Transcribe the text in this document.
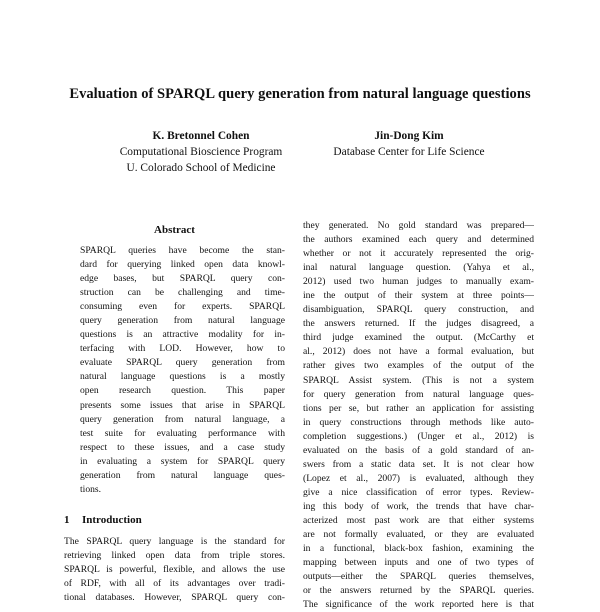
Evaluation of SPARQL query generation from natural language questions
K. Bretonnel Cohen
Computational Bioscience Program
U. Colorado School of Medicine
Jin-Dong Kim
Database Center for Life Science
Abstract
SPARQL queries have become the stan-
dard for querying linked open data knowl-
edge bases, but SPARQL query con-
struction can be challenging and time-
consuming even for experts. SPARQL
query generation from natural language
questions is an attractive modality for in-
terfacing with LOD. However, how to
evaluate SPARQL query generation from
natural language questions is a mostly
open research question. This paper
presents some issues that arise in SPARQL
query generation from natural language, a
test suite for evaluating performance with
respect to these issues, and a case study
in evaluating a system for SPARQL query
generation from natural language ques-
tions.
1 Introduction
The SPARQL query language is the standard for
retrieving linked open data from triple stores.
SPARQL is powerful, flexible, and allows the use
of RDF, with all of its advantages over tradi-
tional databases. However, SPARQL query con-
they generated. No gold standard was prepared—
the authors examined each query and determined
whether or not it accurately represented the orig-
inal natural language question. (Yahya et al.,
2012) used two human judges to manually exam-
ine the output of their system at three points—
disambiguation, SPARQL query construction, and
the answers returned. If the judges disagreed, a
third judge examined the output. (McCarthy et
al., 2012) does not have a formal evaluation, but
rather gives two examples of the output of the
SPARQL Assist system. (This is not a system
for query generation from natural language ques-
tions per se, but rather an application for assisting
in query constructions through methods like auto-
completion suggestions.) (Unger et al., 2012) is
evaluated on the basis of a gold standard of an-
swers from a static data set. It is not clear how
(Lopez et al., 2007) is evaluated, although they
give a nice classification of error types. Review-
ing this body of work, the trends that have char-
acterized most past work are that either systems
are not formally evaluated, or they are evaluated
in a functional, black-box fashion, examining the
mapping between inputs and one of two types of
outputs—either the SPARQL queries themselves,
or the answers returned by the SPARQL queries.
The significance of the work reported here is that
